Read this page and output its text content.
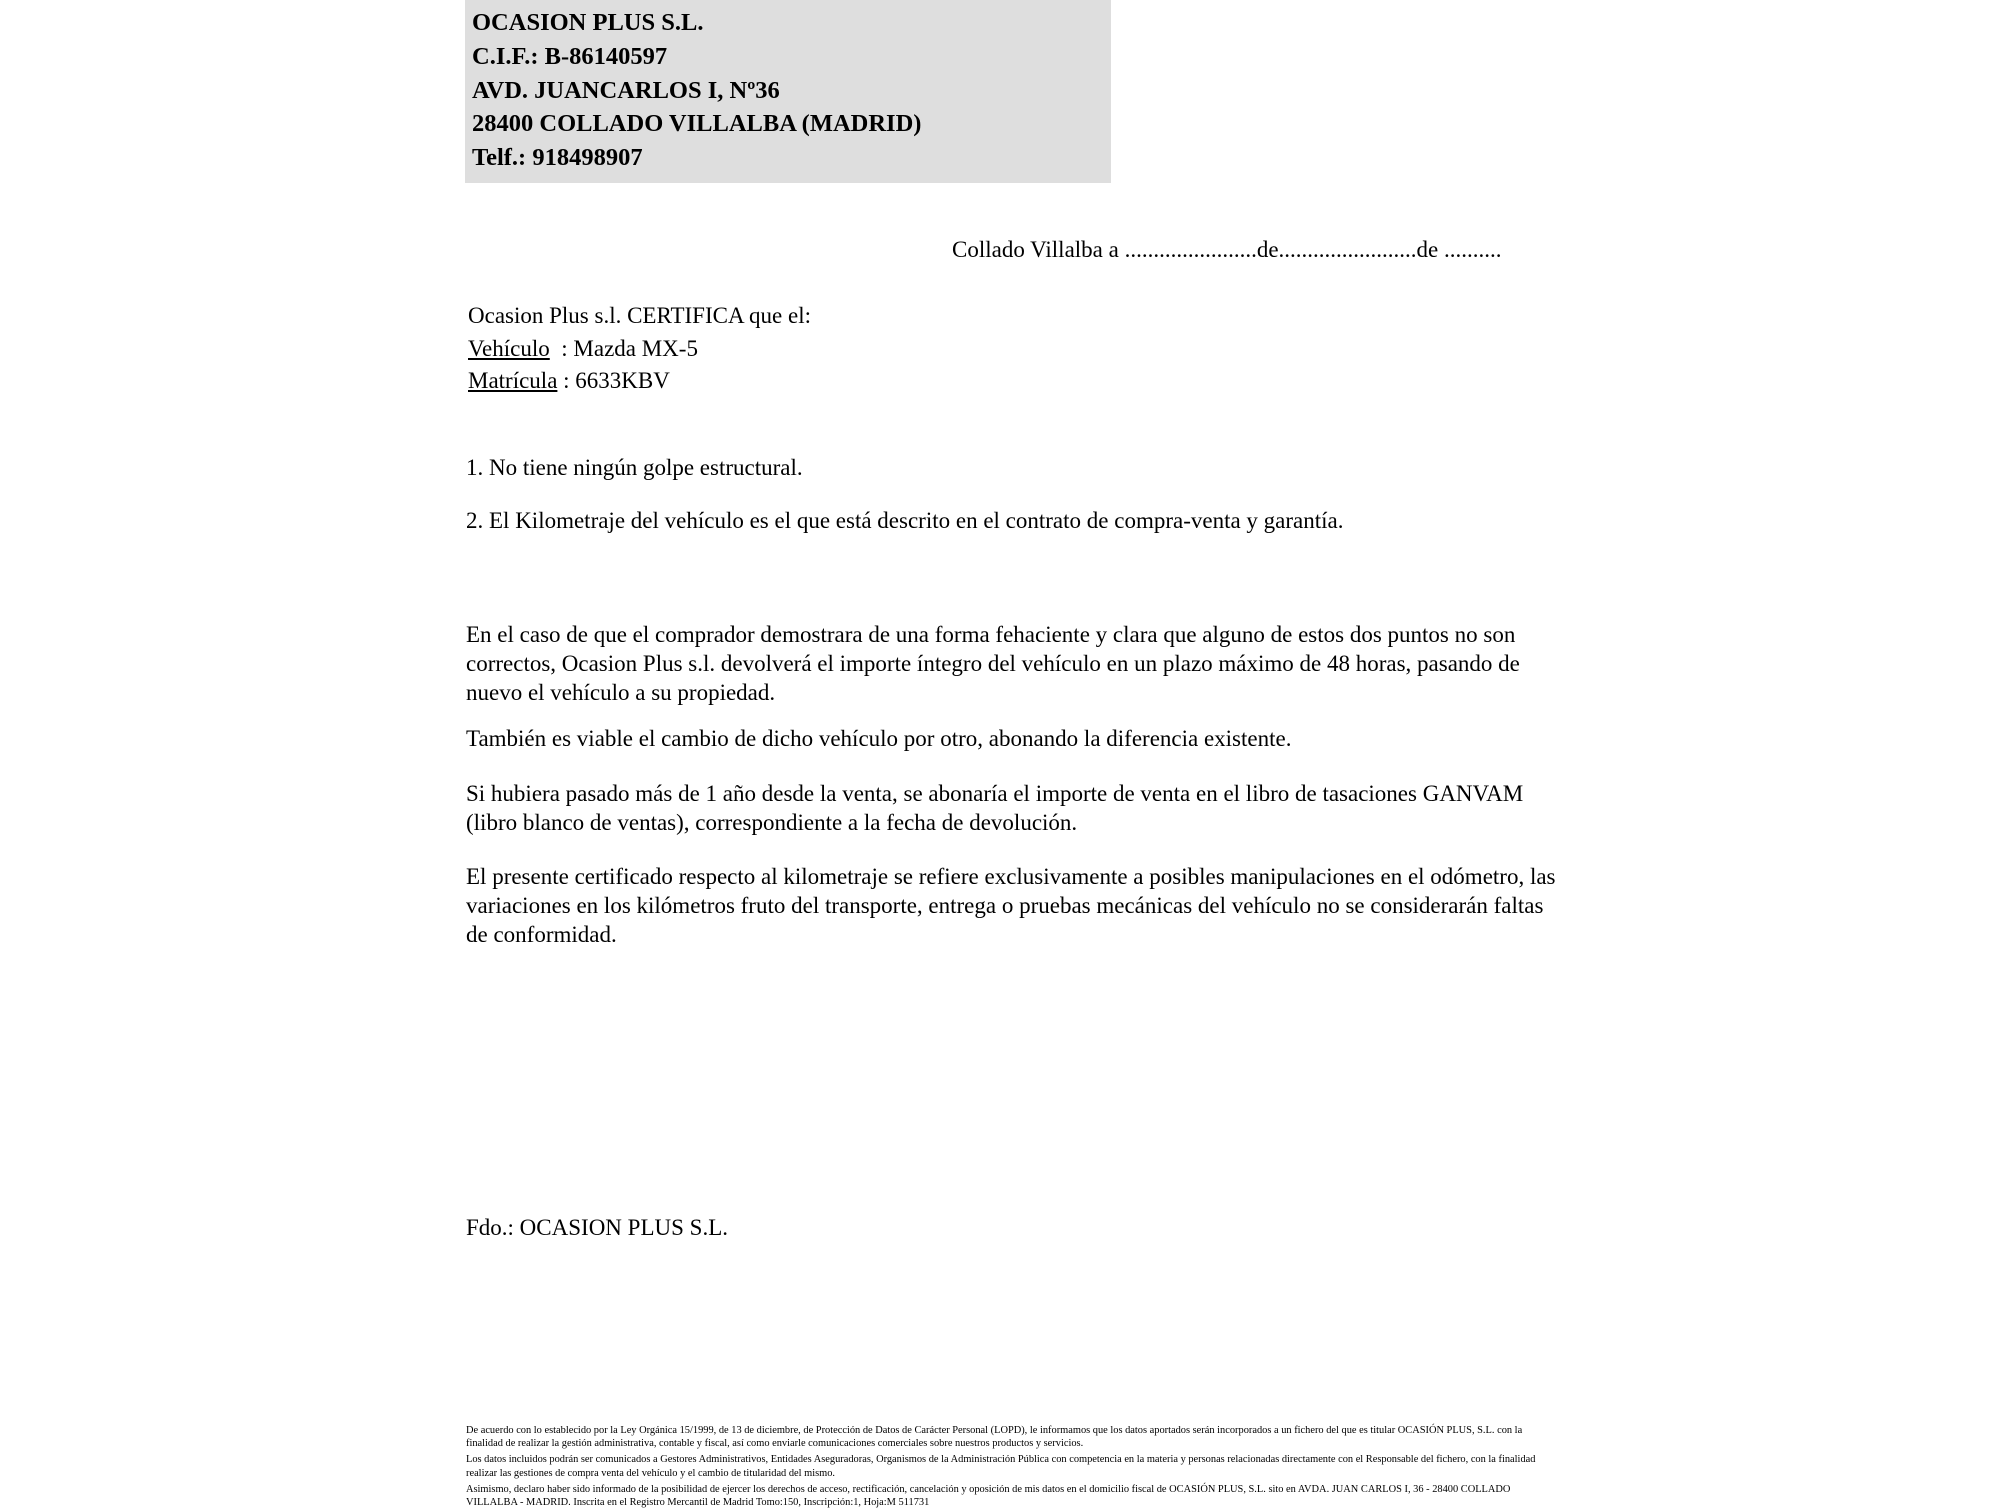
OCASION PLUS S.L.
C.I.F.: B-86140597
AVD. JUANCARLOS I, Nº36
28400 COLLADO VILLALBA (MADRID)
Telf.: 918498907
Collado Villalba a .......................de........................de ..........
Ocasion Plus s.l. CERTIFICA que el:
Vehículo  : Mazda MX-5
Matrícula : 6633KBV
1. No tiene ningún golpe estructural.
2. El Kilometraje del vehículo es el que está descrito en el contrato de compra-venta y garantía.
En el caso de que el comprador demostrara de una forma fehaciente y clara que alguno de estos dos puntos no son correctos, Ocasion Plus s.l. devolverá el importe íntegro del vehículo en un plazo máximo de 48 horas, pasando de nuevo el vehículo a su propiedad.
También es viable el cambio de dicho vehículo por otro, abonando la diferencia existente.
Si hubiera pasado más de 1 año desde la venta, se abonaría el importe de venta en el libro de tasaciones GANVAM (libro blanco de ventas), correspondiente a la fecha de devolución.
El presente certificado respecto al kilometraje se refiere exclusivamente a posibles manipulaciones en el odómetro, las variaciones en los kilómetros fruto del transporte, entrega o pruebas mecánicas del vehículo no se considerarán faltas de conformidad.
Fdo.: OCASION PLUS S.L.

De acuerdo con lo establecido por la Ley Orgánica 15/1999, de 13 de diciembre, de Protección de Datos de Carácter Personal (LOPD), le informamos que los datos aportados serán incorporados a un fichero del que es titular OCASIÓN PLUS, S.L. con la finalidad de realizar la gestión administrativa, contable y fiscal, así como enviarle comunicaciones comerciales sobre nuestros productos y servicios.

Los datos incluidos podrán ser comunicados a Gestores Administrativos, Entidades Aseguradoras, Organismos de la Administración Pública con competencia en la materia y personas relacionadas directamente con el Responsable del fichero, con la finalidad realizar las gestiones de compra venta del vehículo y el cambio de titularidad del mismo.

Asimismo, declaro haber sido informado de la posibilidad de ejercer los derechos de acceso, rectificación, cancelación y oposición de mis datos en el domicilio fiscal de OCASIÓN PLUS, S.L. sito en AVDA. JUAN CARLOS I, 36 - 28400 COLLADO VILLALBA - MADRID. Inscrita en el Registro Mercantil de Madrid Tomo:150, Inscripción:1, Hoja:M 511731
